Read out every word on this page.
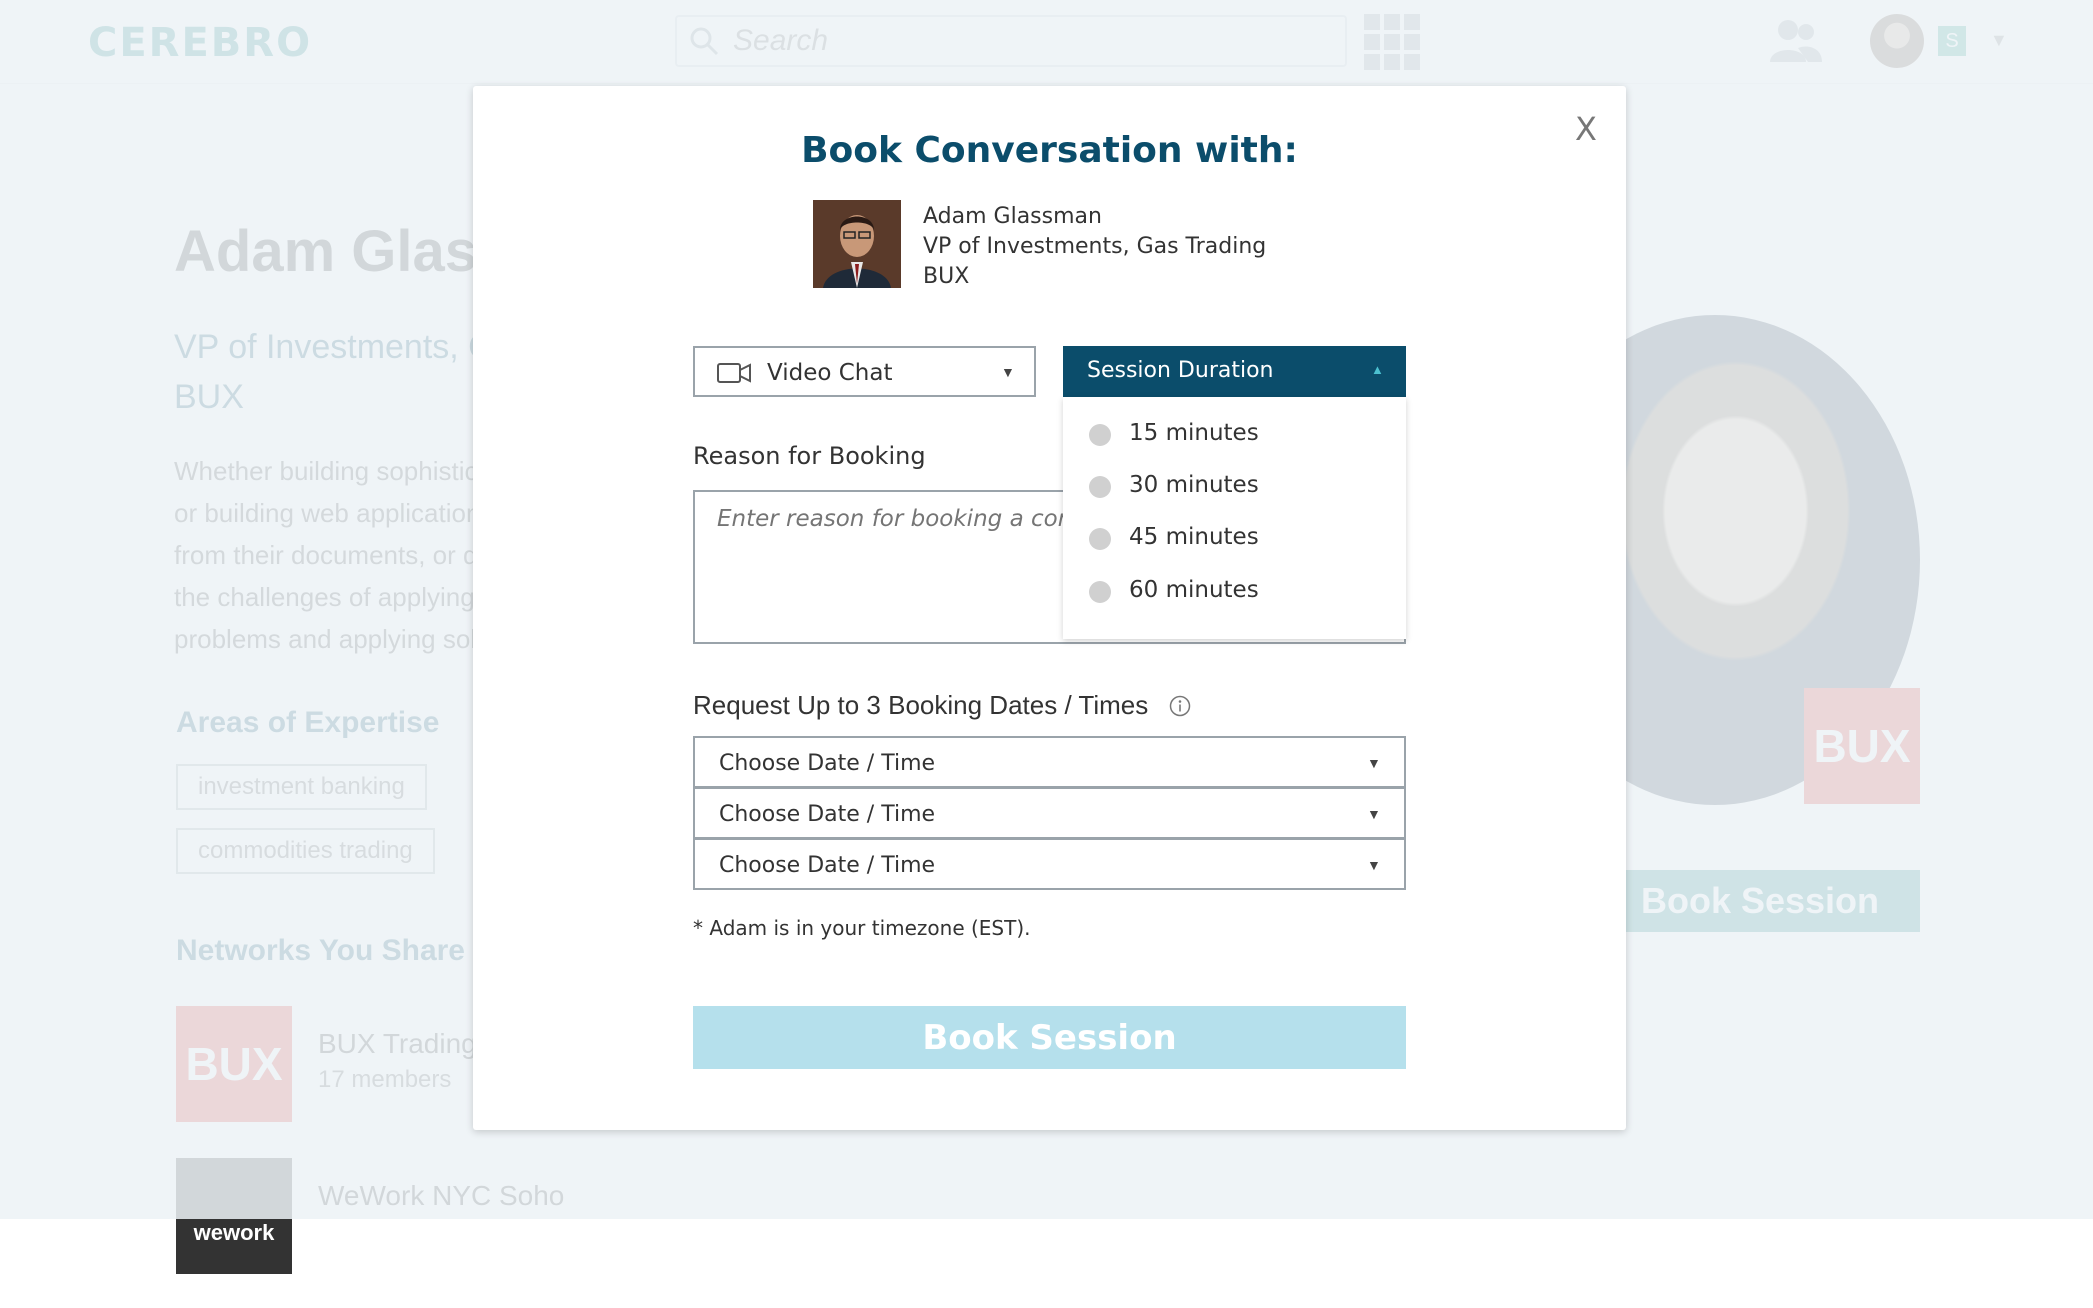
Search
wework
X
Book Conversation with:
Adam Glassman
VP of Investments, Gas Trading
BUX
Video Chat	▼	Session Duration	▲
15 minutes
30 minutes
45 minutes
60 minutes
Reason for Booking
Enter reason for booking a conversation
Request Up to 3 Booking Dates / Times
Choose Date / Time	▼
Choose Date / Time	▼
Choose Date / Time	▼
* Adam is in your timezone (EST).
Book Session
